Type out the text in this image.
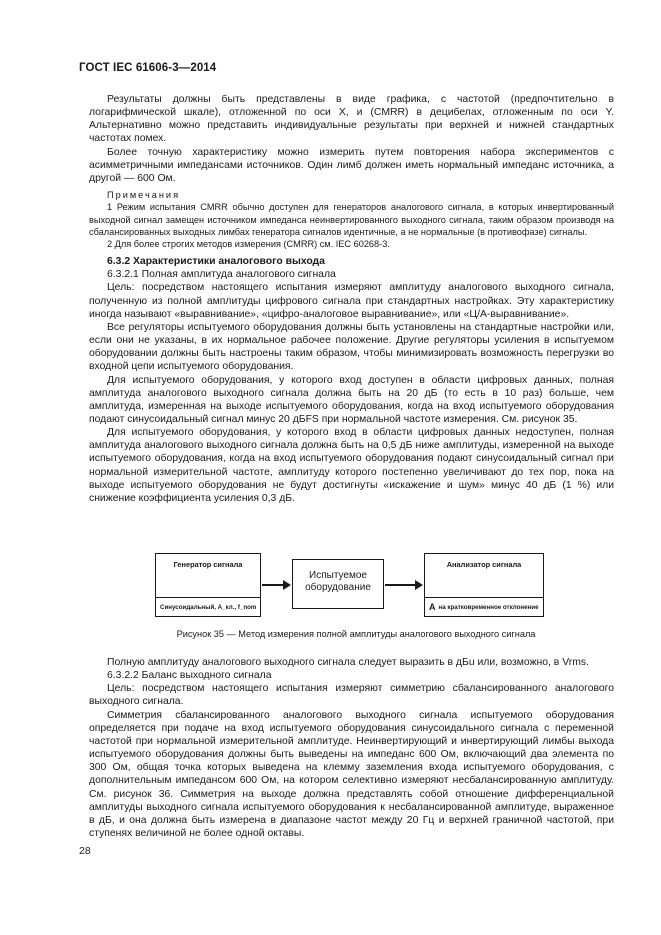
ГОСТ IEC 61606-3—2014

Результаты должны быть представлены в виде графика, с частотой (предпочтительно в логарифмической шкале), отложенной по оси X, и (CMRR) в децибелах, отложенным по оси Y. Альтернативно можно представить индивидуальные результаты при верхней и нижней стандартных частотах помех.

Более точную характеристику можно измерить путем повторения набора экспериментов с асимметричными импедансами источников. Один лимб должен иметь нормальный импеданс источника, а другой — 600 Ом.

Примечания

1 Режим испытания CMRR обычно доступен для генераторов аналогового сигнала, в которых инвертированный выходной сигнал замещен источником импеданса неинвертированного выходного сигнала, таким образом производя на сбалансированных выходных лимбах генератора сигналов идентичные, а не нормальные (в противофазе) сигналы.

2 Для более строгих методов измерения (CMRR) см. IEC 60268-3.

6.3.2 Характеристики аналогового выхода

6.3.2.1 Полная амплитуда аналогового сигнала

Цель: посредством настоящего испытания измеряют амплитуду аналогового выходного сигнала, полученную из полной амплитуды цифрового сигнала при стандартных настройках. Эту характеристику иногда называют «выравнивание», «цифро-аналоговое выравнивание», или «Ц/А-выравнивание».

Все регуляторы испытуемого оборудования должны быть установлены на стандартные настройки или, если они не указаны, в их нормальное рабочее положение. Другие регуляторы усиления в испытуемом оборудовании должны быть настроены таким образом, чтобы минимизировать возможность перегрузки во входной цепи испытуемого оборудования.

Для испытуемого оборудования, у которого вход доступен в области цифровых данных, полная амплитуда аналогового выходного сигнала должна быть на 20 дБ (то есть в 10 раз) больше, чем амплитуда, измеренная на выходе испытуемого оборудования, когда на вход испытуемого оборудования подают синусоидальный сигнал минус 20 дБFS при нормальной частоте измерения. См. рисунок 35.

Для испытуемого оборудования, у которого вход в области цифровых данных недоступен, полная амплитуда аналогового выходного сигнала должна быть на 0,5 дБ ниже амплитуды, измеренной на выходе испытуемого оборудования, когда на вход испытуемого оборудования подают синусоидальный сигнал при нормальной измерительной частоте, амплитуду которого постепенно увеличивают до тех пор, пока на выходе испытуемого оборудования не будут достигнуты «искажение и шум» минус 40 дБ (1 %) или снижение коэффициента усиления 0,3 дБ.

Генератор сигнала
Синусоидальный, A_кл., f_nom
Испытуемое оборудование
Анализатор сигнала
A на кратковременное отклонение
Рисунок 35 — Метод измерения полной амплитуды аналогового выходного сигнала

Полную амплитуду аналогового выходного сигнала следует выразить в дБu или, возможно, в Vrms.

6.3.2.2 Баланс выходного сигнала

Цель: посредством настоящего испытания измеряют симметрию сбалансированного аналогового выходного сигнала.

Симметрия сбалансированного аналогового выходного сигнала испытуемого оборудования определяется при подаче на вход испытуемого оборудования синусоидального сигнала с переменной частотой при нормальной измерительной амплитуде. Неинвертирующий и инвертирующий лимбы выхода испытуемого оборудования должны быть выведены на импеданс 600 Ом, включающий два элемента по 300 Ом, общая точка которых выведена на клемму заземления входа испытуемого оборудования, с дополнительным импедансом 600 Ом, на котором селективно измеряют несбалансированную амплитуду. См. рисунок 36. Симметрия на выходе должна представлять собой отношение дифференциальной амплитуды выходного сигнала испытуемого оборудования к несбалансированной амплитуде, выраженное в дБ, и она должна быть измерена в диапазоне частот между 20 Гц и верхней граничной частотой, при ступенях величиной не более одной октавы.

28
